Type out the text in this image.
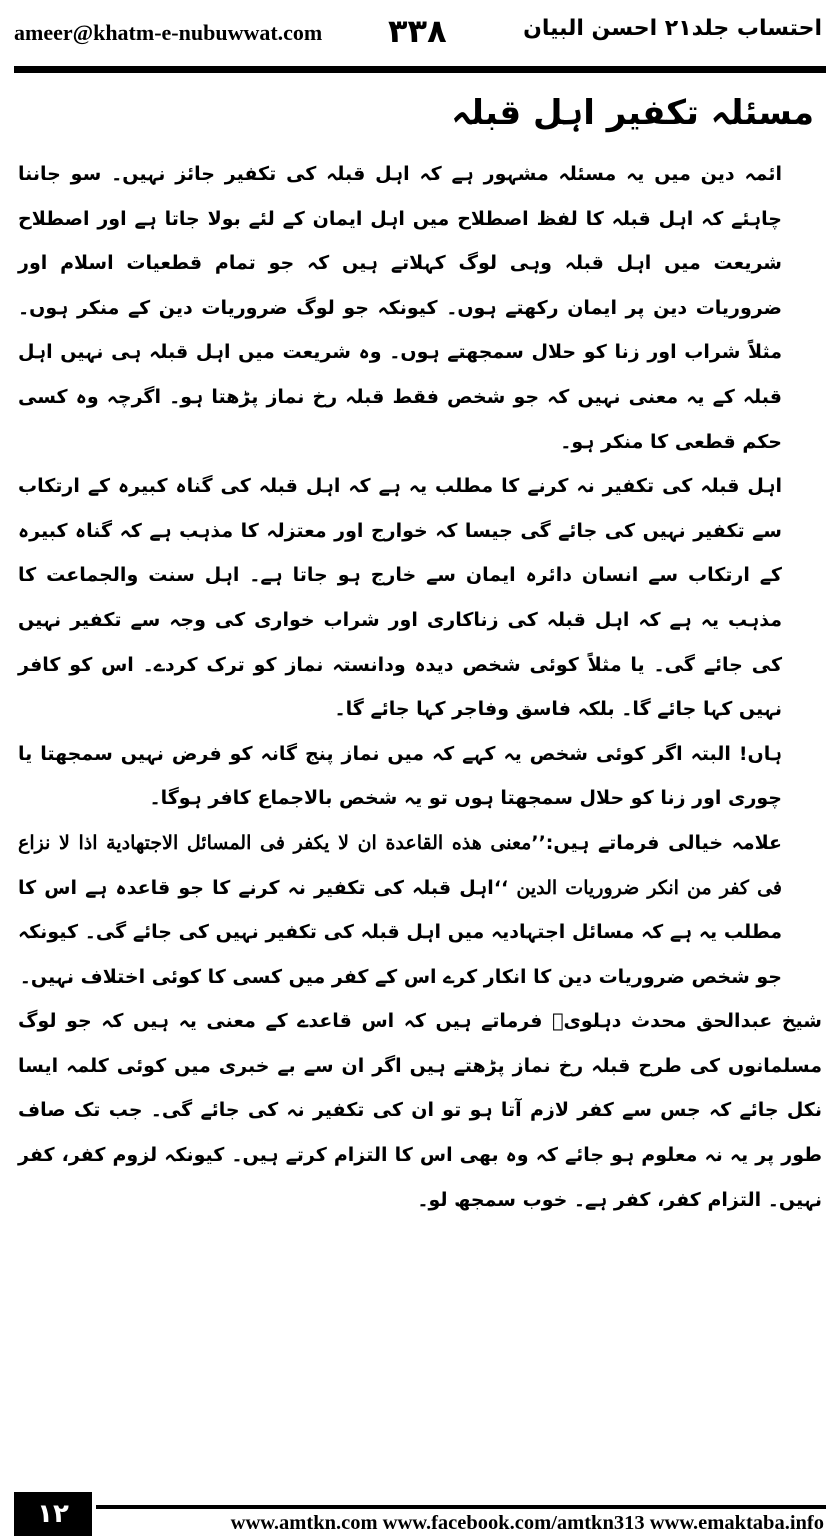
ameer@khatm-e-nubuwwat.com ۳۳۸	احتساب جلد۲۱ احسن البیان
مسئلہ تکفیر اہل قبلہ

ائمہ دین میں یہ مسئلہ مشہور ہے کہ اہل قبلہ کی تکفیر جائز نہیں۔ سو جاننا چاہئے کہ اہل قبلہ کا لفظ اصطلاح میں اہل ایمان کے لئے بولا جاتا ہے اور اصطلاح شریعت میں اہل قبلہ وہی لوگ کہلاتے ہیں کہ جو تمام قطعیات اسلام اور ضروریات دین پر ایمان رکھتے ہوں۔ کیونکہ جو لوگ ضروریات دین کے منکر ہوں۔ مثلاً شراب اور زنا کو حلال سمجھتے ہوں۔ وہ شریعت میں اہل قبلہ ہی نہیں اہل قبلہ کے یہ معنی نہیں کہ جو شخص فقط قبلہ رخ نماز پڑھتا ہو۔ اگرچہ وہ کسی حکم قطعی کا منکر ہو۔

اہل قبلہ کی تکفیر نہ کرنے کا مطلب یہ ہے کہ اہل قبلہ کی گناہ کبیرہ کے ارتکاب سے تکفیر نہیں کی جائے گی جیسا کہ خوارج اور معتزلہ کا مذہب ہے کہ گناہ کبیرہ کے ارتکاب سے انسان دائرہ ایمان سے خارج ہو جاتا ہے۔ اہل سنت والجماعت کا مذہب یہ ہے کہ اہل قبلہ کی زناکاری اور شراب خواری کی وجہ سے تکفیر نہیں کی جائے گی۔ یا مثلاً کوئی شخص دیدہ ودانستہ نماز کو ترک کردے۔ اس کو کافر نہیں کہا جائے گا۔ بلکہ فاسق وفاجر کہا جائے گا۔

ہاں! البتہ اگر کوئی شخص یہ کہے کہ میں نماز پنج گانہ کو فرض نہیں سمجھتا یا چوری اور زنا کو حلال سمجھتا ہوں تو یہ شخص بالاجماع کافر ہوگا۔

علامہ خیالی فرماتے ہیں:’’معنی هذه القاعدة ان لا یکفر فی المسائل الاجتهادیة اذا لا نزاع فی کفر من انکر ضروریات الدین ‘‘اہل قبلہ کی تکفیر نہ کرنے کا جو قاعدہ ہے اس کا مطلب یہ ہے کہ مسائل اجتہادیہ میں اہل قبلہ کی تکفیر نہیں کی جائے گی۔ کیونکہ جو شخص ضروریات دین کا انکار کرے اس کے کفر میں کسی کا کوئی اختلاف نہیں۔

شیخ عبدالحق محدث دہلویؒ فرماتے ہیں کہ اس قاعدے کے معنی یہ ہیں کہ جو لوگ مسلمانوں کی طرح قبلہ رخ نماز پڑھتے ہیں اگر ان سے بے خبری میں کوئی کلمہ ایسا نکل جائے کہ جس سے کفر لازم آتا ہو تو ان کی تکفیر نہ کی جائے گی۔ جب تک صاف طور پر یہ نہ معلوم ہو جائے کہ وہ بھی اس کا التزام کرتے ہیں۔ کیونکہ لزوم کفر، کفر نہیں۔ التزام کفر، کفر ہے۔ خوب سمجھ لو۔

۱۲	www.amtkn.com www.facebook.com/amtkn313 www.emaktaba.info
